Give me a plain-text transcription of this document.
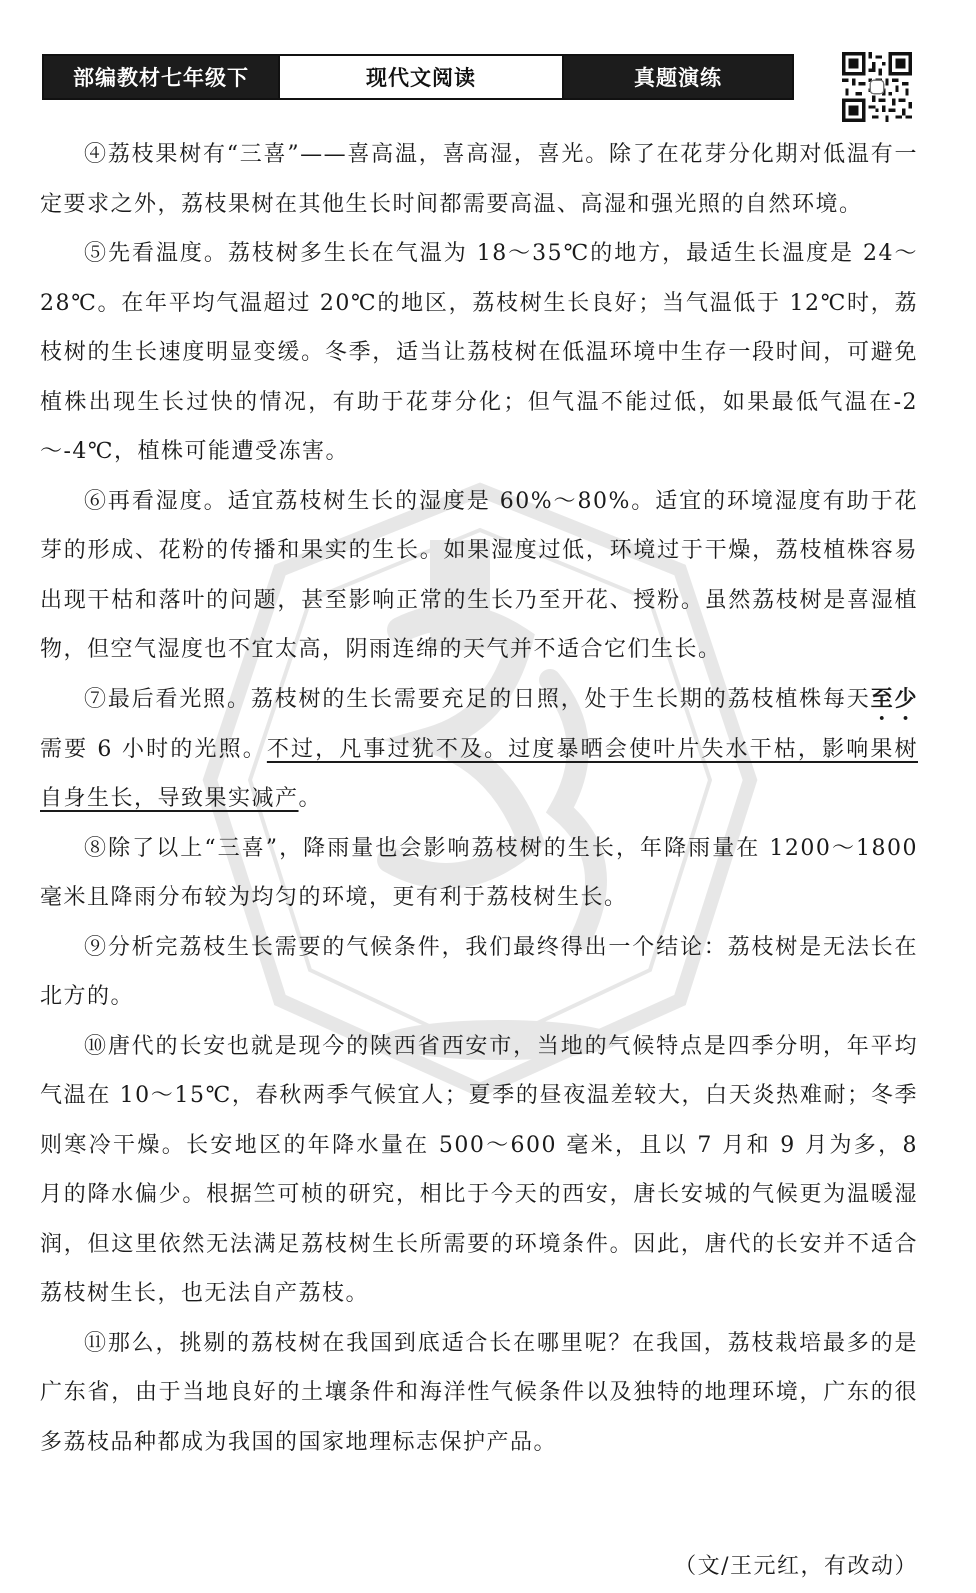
部编教材七年级下	现代文阅读	真题演练

④荔枝果树有“三喜”——喜高温，喜高湿，喜光。除了在花芽分化期对低温有一定要求之外，荔枝果树在其他生长时间都需要高温、高湿和强光照的自然环境。

⑤先看温度。荔枝树多生长在气温为 18～35℃的地方，最适生长温度是 24～28℃。在年平均气温超过 20℃的地区，荔枝树生长良好；当气温低于 12℃时，荔枝树的生长速度明显变缓。冬季，适当让荔枝树在低温环境中生存一段时间，可避免植株出现生长过快的情况，有助于花芽分化；但气温不能过低，如果最低气温在-2～-4℃，植株可能遭受冻害。

⑥再看湿度。适宜荔枝树生长的湿度是 60%～80%。适宜的环境湿度有助于花芽的形成、花粉的传播和果实的生长。如果湿度过低，环境过于干燥，荔枝植株容易出现干枯和落叶的问题，甚至影响正常的生长乃至开花、授粉。虽然荔枝树是喜湿植物，但空气湿度也不宜太高，阴雨连绵的天气并不适合它们生长。

⑦最后看光照。荔枝树的生长需要充足的日照，处于生长期的荔枝植株每天至少需要 6 小时的光照。不过，凡事过犹不及。过度暴晒会使叶片失水干枯，影响果树自身生长，导致果实减产。

⑧除了以上“三喜”，降雨量也会影响荔枝树的生长，年降雨量在 1200～1800 毫米且降雨分布较为均匀的环境，更有利于荔枝树生长。

⑨分析完荔枝生长需要的气候条件，我们最终得出一个结论：荔枝树是无法长在北方的。

⑩唐代的长安也就是现今的陕西省西安市，当地的气候特点是四季分明，年平均气温在 10～15℃，春秋两季气候宜人；夏季的昼夜温差较大，白天炎热难耐；冬季则寒冷干燥。长安地区的年降水量在 500～600 毫米，且以 7 月和 9 月为多，8 月的降水偏少。根据竺可桢的研究，相比于今天的西安，唐长安城的气候更为温暖湿润，但这里依然无法满足荔枝树生长所需要的环境条件。因此，唐代的长安并不适合荔枝树生长，也无法自产荔枝。

⑪那么，挑剔的荔枝树在我国到底适合长在哪里呢？在我国，荔枝栽培最多的是广东省，由于当地良好的土壤条件和海洋性气候条件以及独特的地理环境，广东的很多荔枝品种都成为我国的国家地理标志保护产品。

（文/王元红，有改动）
